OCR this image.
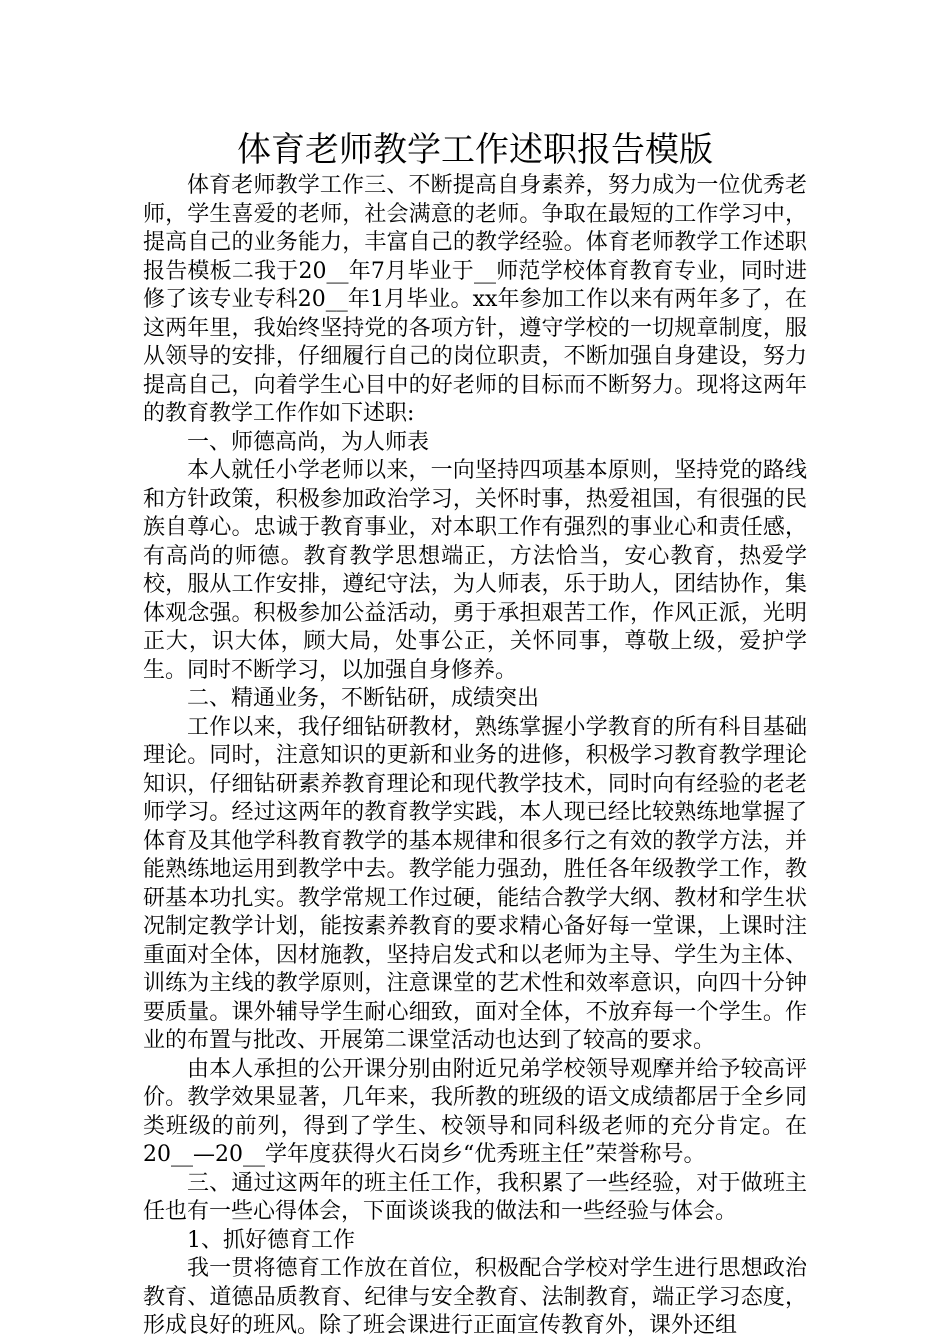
体育老师教学工作述职报告模版

体育老师教学工作三、不断提高自身素养，努力成为一位优秀老师，学生喜爱的老师，社会满意的老师。争取在最短的工作学习中，提高自己的业务能力，丰富自己的教学经验。体育老师教学工作述职报告模板二我于20__年7月毕业于__师范学校体育教育专业，同时进修了该专业专科20__年1月毕业。xx年参加工作以来有两年多了，在这两年里，我始终坚持党的各项方针，遵守学校的一切规章制度，服从领导的安排，仔细履行自己的岗位职责，不断加强自身建设，努力提高自己，向着学生心目中的好老师的目标而不断努力。现将这两年的教育教学工作作如下述职:

一、师德高尚，为人师表

本人就任小学老师以来，一向坚持四项基本原则，坚持党的路线和方针政策，积极参加政治学习，关怀时事，热爱祖国，有很强的民族自尊心。忠诚于教育事业，对本职工作有强烈的事业心和责任感，有高尚的师德。教育教学思想端正，方法恰当，安心教育，热爱学校，服从工作安排，遵纪守法，为人师表，乐于助人，团结协作，集体观念强。积极参加公益活动，勇于承担艰苦工作，作风正派，光明正大，识大体，顾大局，处事公正，关怀同事，尊敬上级，爱护学生。同时不断学习，以加强自身修养。

二、精通业务，不断钻研，成绩突出

工作以来，我仔细钻研教材，熟练掌握小学教育的所有科目基础理论。同时，注意知识的更新和业务的进修，积极学习教育教学理论知识，仔细钻研素养教育理论和现代教学技术，同时向有经验的老老师学习。经过这两年的教育教学实践，本人现已经比较熟练地掌握了体育及其他学科教育教学的基本规律和很多行之有效的教学方法，并能熟练地运用到教学中去。教学能力强劲，胜任各年级教学工作，教研基本功扎实。教学常规工作过硬，能结合教学大纲、教材和学生状况制定教学计划，能按素养教育的要求精心备好每一堂课，上课时注重面对全体，因材施教，坚持启发式和以老师为主导、学生为主体、训练为主线的教学原则，注意课堂的艺术性和效率意识，向四十分钟要质量。课外辅导学生耐心细致，面对全体，不放弃每一个学生。作业的布置与批改、开展第二课堂活动也达到了较高的要求。

由本人承担的公开课分别由附近兄弟学校领导观摩并给予较高评价。教学效果显著，几年来，我所教的班级的语文成绩都居于全乡同类班级的前列，得到了学生、校领导和同科级老师的充分肯定。在20__—20__学年度获得火石岗乡“优秀班主任”荣誉称号。

三、通过这两年的班主任工作，我积累了一些经验，对于做班主任也有一些心得体会，下面谈谈我的做法和一些经验与体会。

1、抓好德育工作

我一贯将德育工作放在首位，积极配合学校对学生进行思想政治教育、道德品质教育、纪律与安全教育、法制教育，端正学习态度，形成良好的班风。除了班会课进行正面宣传教育外，课外还组
